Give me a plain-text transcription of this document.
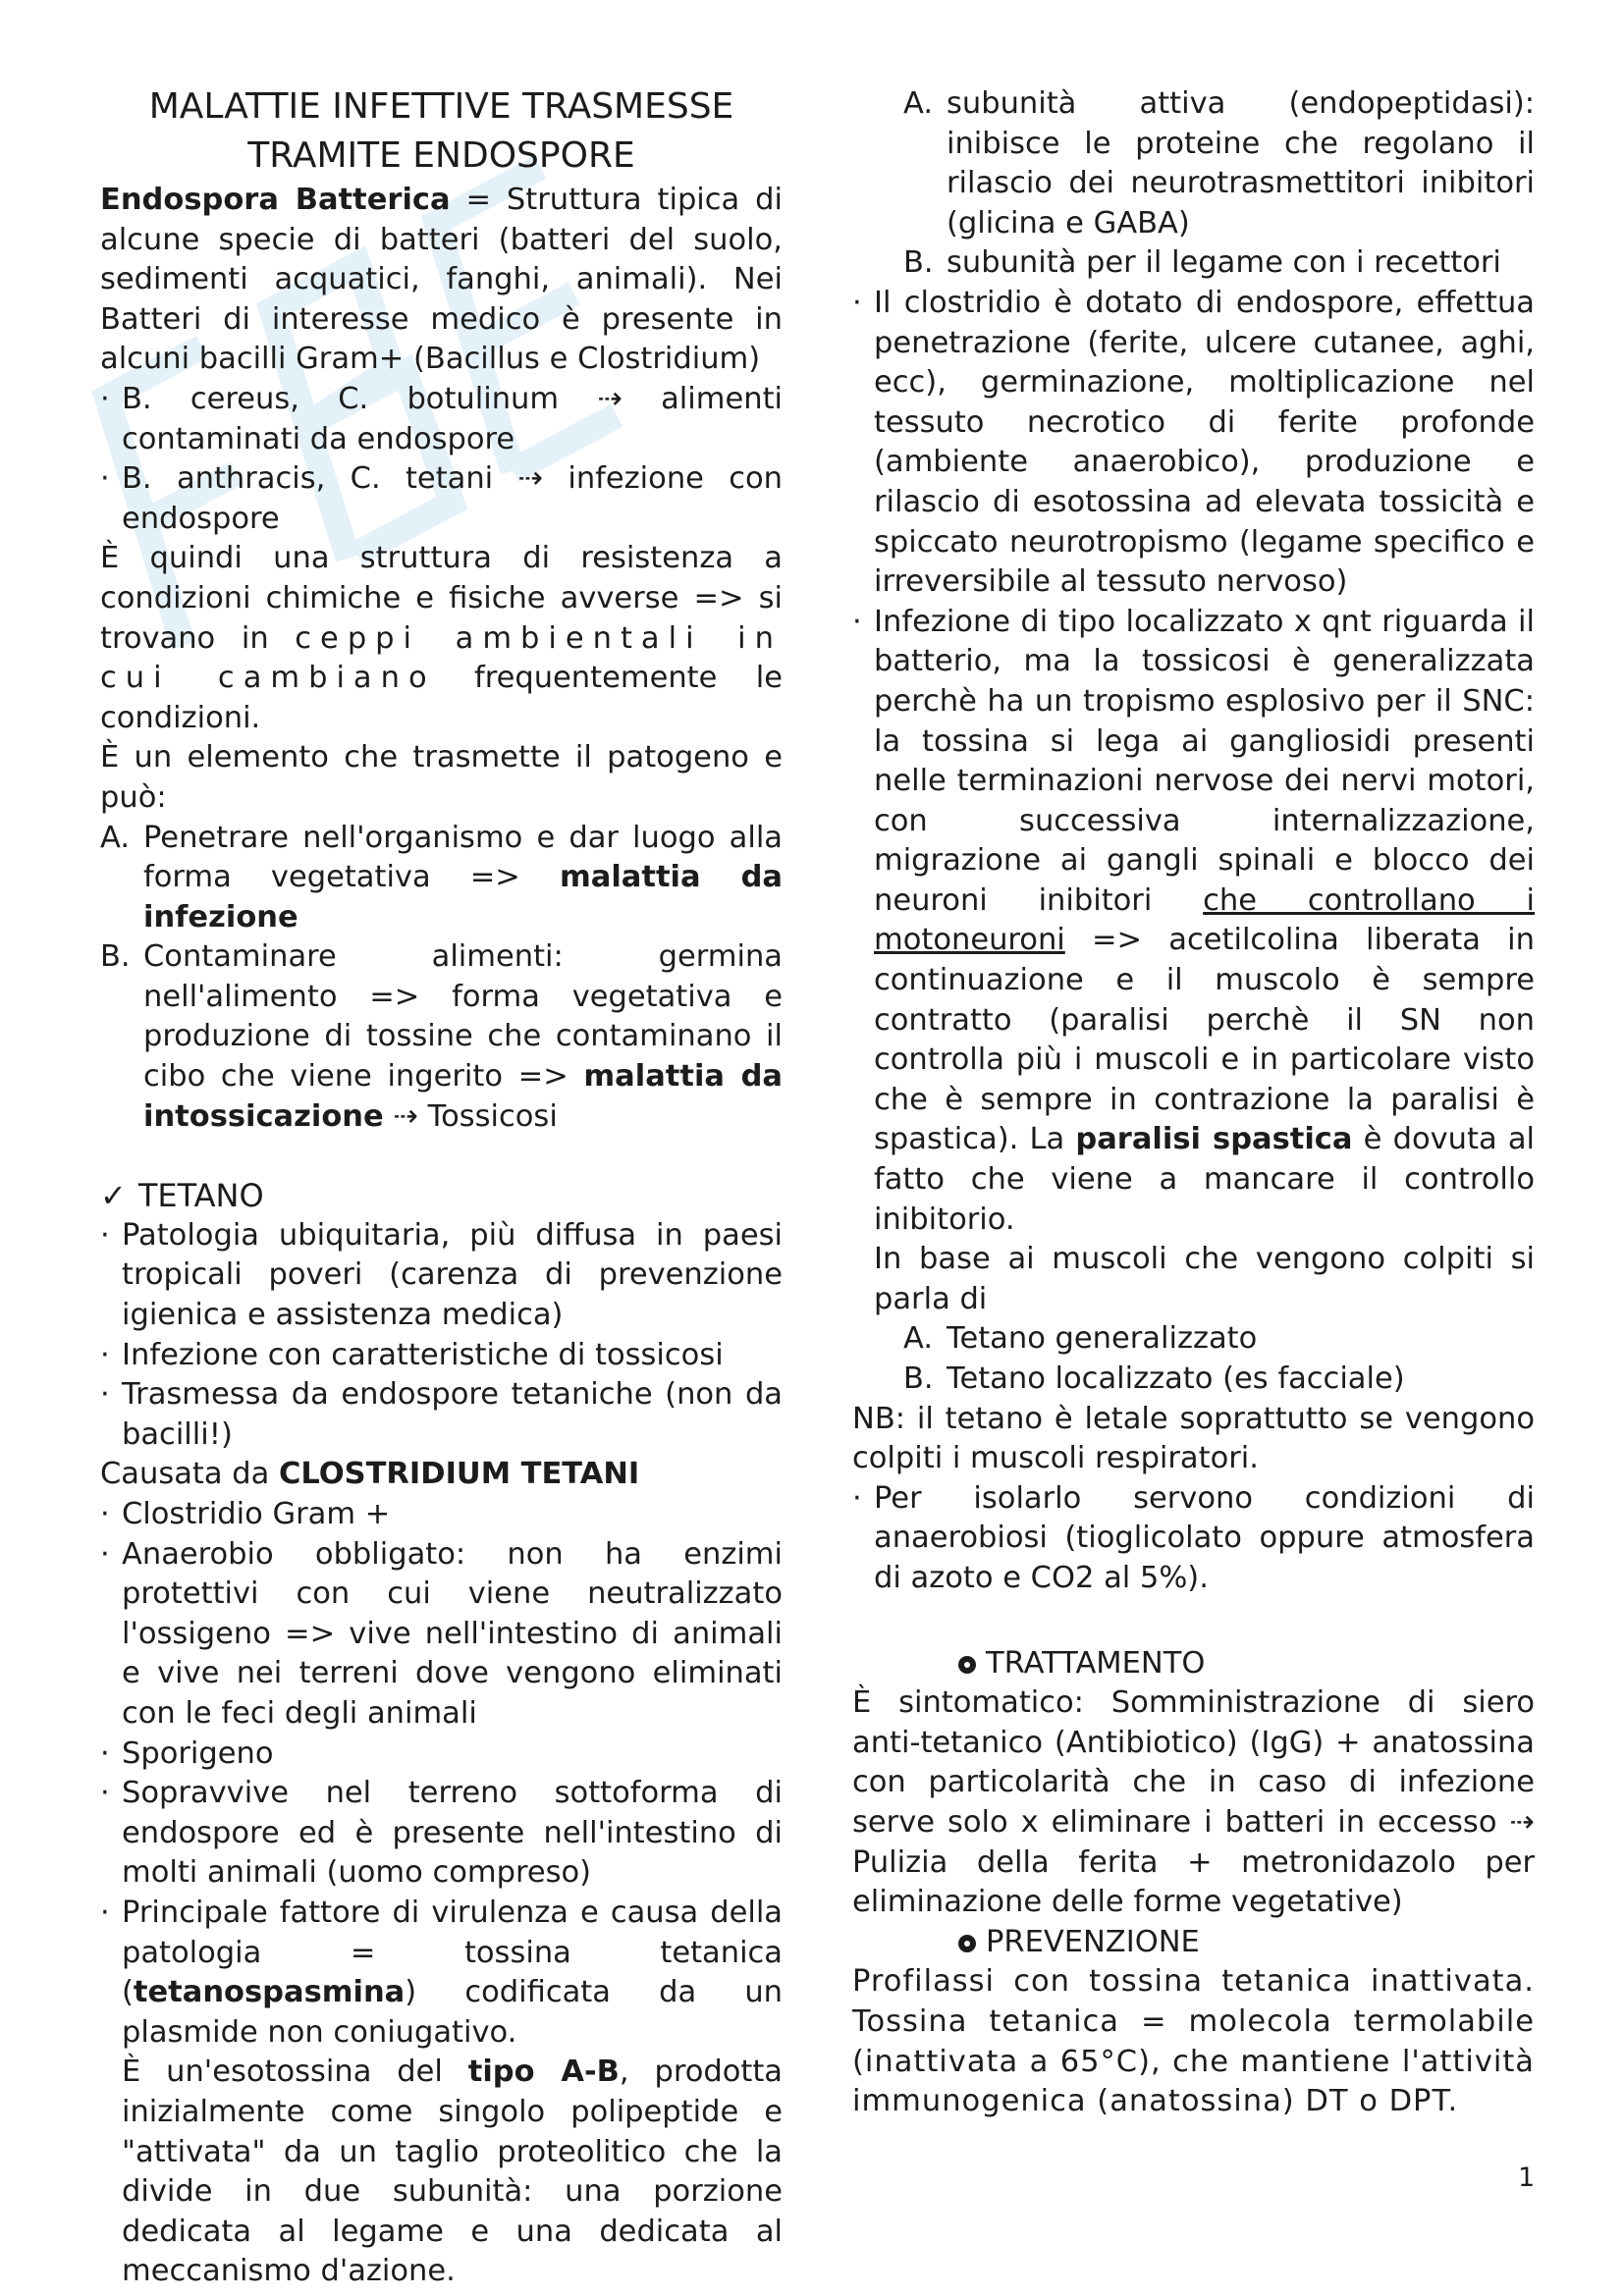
MALATTIE INFETTIVE TRASMESSE

TRAMITE ENDOSPORE

Endospora Batterica = Struttura tipica di alcune specie di batteri (batteri del suolo, sedimenti acquatici, fanghi, animali). Nei Batteri di interesse medico è presente in alcuni bacilli Gram+ (Bacillus e Clostridium)

· B. cereus, C. botulinum ⇢ alimenti contaminati da endospore

· B. anthracis, C. tetani ⇢ infezione con endospore

È quindi una struttura di resistenza a condizioni chimiche e fisiche avverse => si trovano in ceppi ambientali in cui cambiano frequentemente le condizioni.

È un elemento che trasmette il patogeno e può:

A. Penetrare nell'organismo e dar luogo alla forma vegetativa => malattia da infezione

B. Contaminare alimenti: germina nell'alimento => forma vegetativa e produzione di tossine che contaminano il cibo che viene ingerito => malattia da intossicazione ⇢ Tossicosi

✓ TETANO

· Patologia ubiquitaria, più diffusa in paesi tropicali poveri (carenza di prevenzione igienica e assistenza medica)

· Infezione con caratteristiche di tossicosi

· Trasmessa da endospore tetaniche (non da bacilli!)

Causata da CLOSTRIDIUM TETANI

· Clostridio Gram +

· Anaerobio obbligato: non ha enzimi protettivi con cui viene neutralizzato l'ossigeno => vive nell'intestino di animali e vive nei terreni dove vengono eliminati con le feci degli animali

· Sporigeno

· Sopravvive nel terreno sottoforma di endospore ed è presente nell'intestino di molti animali (uomo compreso)

· Principale fattore di virulenza e causa della patologia = tossina tetanica (tetanospasmina) codificata da un plasmide non coniugativo.

È un'esotossina del tipo A-B, prodotta inizialmente come singolo polipeptide e "attivata" da un taglio proteolitico che la divide in due subunità: una porzione dedicata al legame e una dedicata al meccanismo d'azione.

A. subunità attiva (endopeptidasi): inibisce le proteine che regolano il rilascio dei neurotrasmettitori inibitori (glicina e GABA)

B. subunità per il legame con i recettori

· Il clostridio è dotato di endospore, effettua penetrazione (ferite, ulcere cutanee, aghi, ecc), germinazione, moltiplicazione nel tessuto necrotico di ferite profonde (ambiente anaerobico), produzione e rilascio di esotossina ad elevata tossicità e spiccato neurotropismo (legame specifico e irreversibile al tessuto nervoso)

· Infezione di tipo localizzato x qnt riguarda il batterio, ma la tossicosi è generalizzata perchè ha un tropismo esplosivo per il SNC: la tossina si lega ai gangliosidi presenti nelle terminazioni nervose dei nervi motori, con successiva internalizzazione, migrazione ai gangli spinali e blocco dei neuroni inibitori che controllano i motoneuroni => acetilcolina liberata in continuazione e il muscolo è sempre contratto (paralisi perchè il SN non controlla più i muscoli e in particolare visto che è sempre in contrazione la paralisi è spastica). La paralisi spastica è dovuta al fatto che viene a mancare il controllo inibitorio.

In base ai muscoli che vengono colpiti si parla di

A. Tetano generalizzato

B. Tetano localizzato (es facciale)

NB: il tetano è letale soprattutto se vengono colpiti i muscoli respiratori.

· Per isolarlo servono condizioni di anaerobiosi (tioglicolato oppure atmosfera di azoto e CO2 al 5%).

TRATTAMENTO

È sintomatico: Somministrazione di siero anti-tetanico (Antibiotico) (IgG) + anatossina con particolarità che in caso di infezione serve solo x eliminare i batteri in eccesso ⇢ Pulizia della ferita + metronidazolo per eliminazione delle forme vegetative)

PREVENZIONE

Profilassi con tossina tetanica inattivata. Tossina tetanica = molecola termolabile (inattivata a 65°C), che mantiene l'attività immunogenica (anatossina) DT o DPT.

1
